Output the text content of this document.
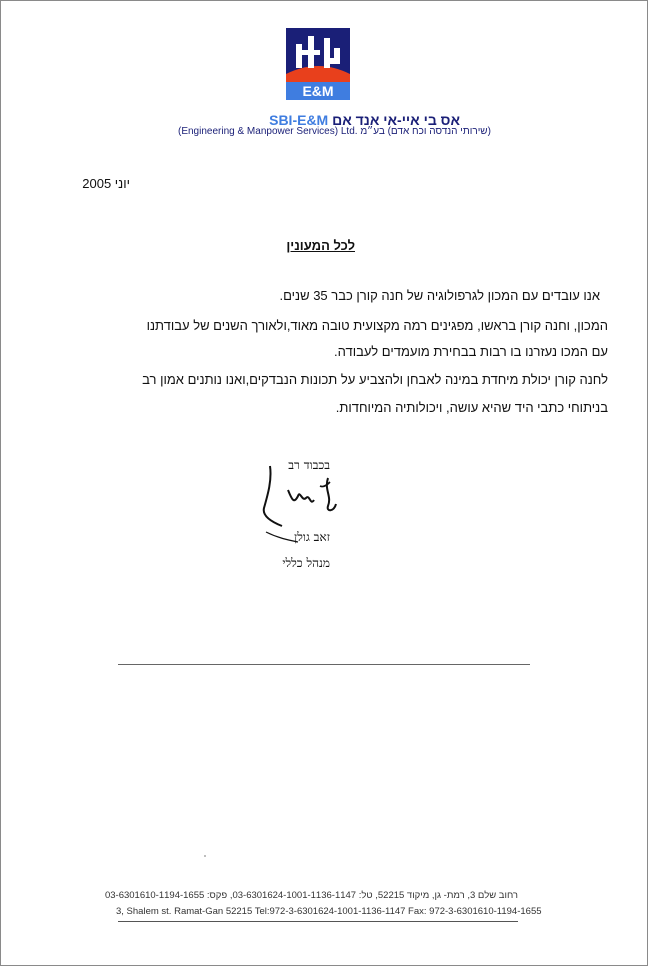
E&M
אס בי איי-אי אנד אם SBI-E&M
(Engineering & Manpower Services) Ltd. (שירותי הנדסה וכח אדם) בע״מ
יוני 2005
לכל המעונין
אנו עובדים עם המכון לגרפולוגיה של חנה קורן כבר 35 שנים.
המכון, וחנה קורן בראשו, מפגינים רמה מקצועית טובה מאוד,ולאורך השנים של עבודתנו
עם המכו נעזרנו בו רבות בבחירת מועמדים לעבודה.
לחנה קורן יכולת מיחדת במינה לאבחן ולהצביע על תכונות הנבדקים,ואנו נותנים אמון רב
בניתוחי כתבי היד שהיא עושה, ויכולותיה המיוחדות.
בכבוד רב
זאב גולן
מנהל כללי
רחוב שלם 3, רמת- גן, מיקוד 52215, טל: 03-6301624-1001-1136-1147, פקס: 03-6301610-1194-1655
3, Shalem st. Ramat-Gan 52215 Tel:972-3-6301624-1001-1136-1147 Fax: 972-3-6301610-1194-1655
